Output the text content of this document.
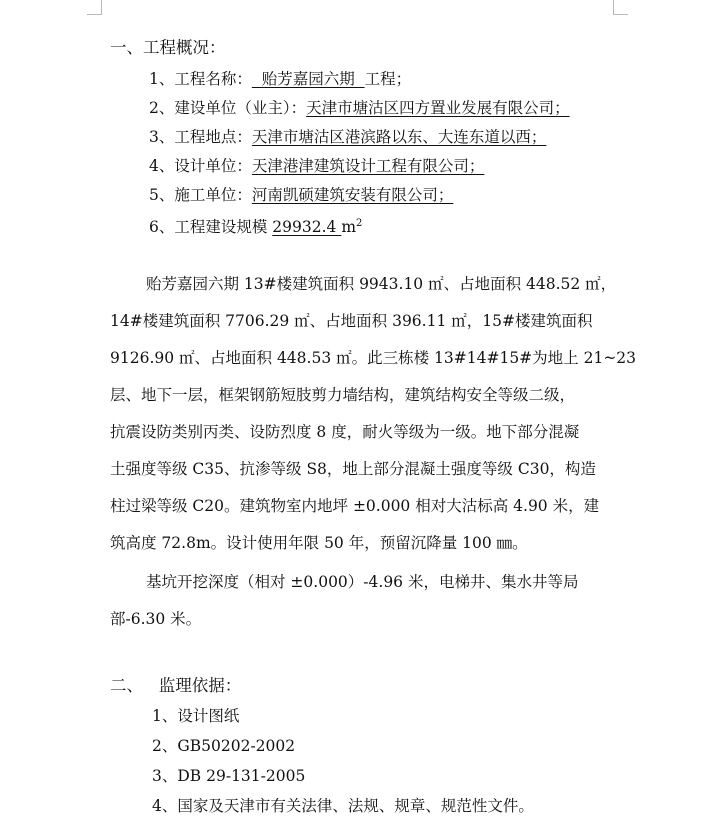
一、工程概况：
1、工程名称：  贻芳嘉园六期  工程；
2、建设单位（业主）：天津市塘沽区四方置业发展有限公司；
3、工程地点：天津市塘沽区港滨路以东、大连东道以西；
4、设计单位：天津港津建筑设计工程有限公司；
5、施工单位：河南凯硕建筑安装有限公司；
6、工程建设规模 29932.4 $m^2$
贻芳嘉园六期 13#楼建筑面积 9943.10 ㎡、占地面积 448.52 ㎡，
14#楼建筑面积 7706.29 ㎡、占地面积 396.11 ㎡，15#楼建筑面积
9126.90 ㎡、占地面积 448.53 ㎡。此三栋楼 13#14#15#为地上 21~23
层、地下一层，框架钢筋短肢剪力墙结构，建筑结构安全等级二级，
抗震设防类别丙类、设防烈度 8 度，耐火等级为一级。地下部分混凝
土强度等级 C35、抗渗等级 S8，地上部分混凝土强度等级 C30，构造
柱过梁等级 C20。建筑物室内地坪 ±0.000 相对大沽标高 4.90 米，建
筑高度 72.8m。设计使用年限 50 年，预留沉降量 100 ㎜。
基坑开挖深度（相对 ±0.000）-4.96 米，电梯井、集水井等局
部-6.30 米。
二、   监理依据：
1、设计图纸
2、GB50202-2002
3、DB 29-131-2005
4、国家及天津市有关法律、法规、规章、规范性文件。
